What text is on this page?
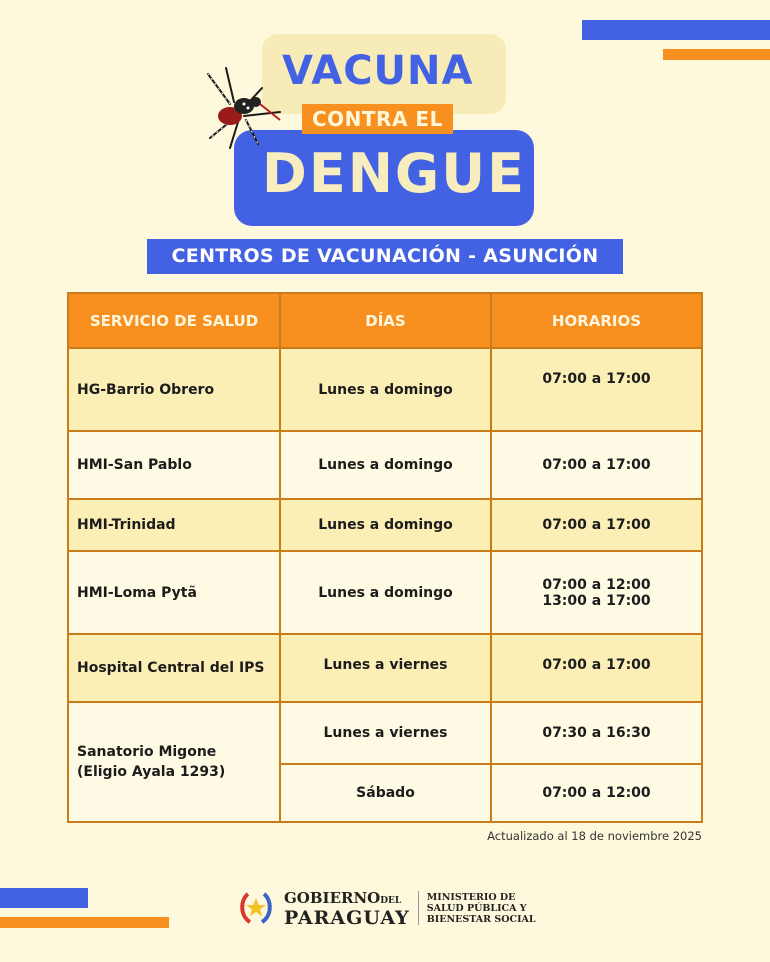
VACUNA
CONTRA EL
DENGUE
CENTROS DE VACUNACIÓN - ASUNCIÓN
SERVICIO DE SALUD	DÍAS	HORARIOS
HG-Barrio Obrero	Lunes a domingo	07:00 a 17:00
HMI-San Pablo	Lunes a domingo	07:00 a 17:00
HMI-Trinidad	Lunes a domingo	07:00 a 17:00
HMI-Loma Pytã	Lunes a domingo	07:00 a 12:00
13:00 a 17:00

Hospital Central del IPS	Lunes a viernes	07:00 a 17:00

Sanatorio Migone
(Eligio Ayala 1293)	Lunes a viernes	07:30 a 16:30
	Sábado	07:00 a 12:00
Actualizado al 18 de noviembre 2025
GOBIERNODEL
PARAGUAY
MINISTERIO DE
SALUD PÚBLICA Y
BIENESTAR SOCIAL
